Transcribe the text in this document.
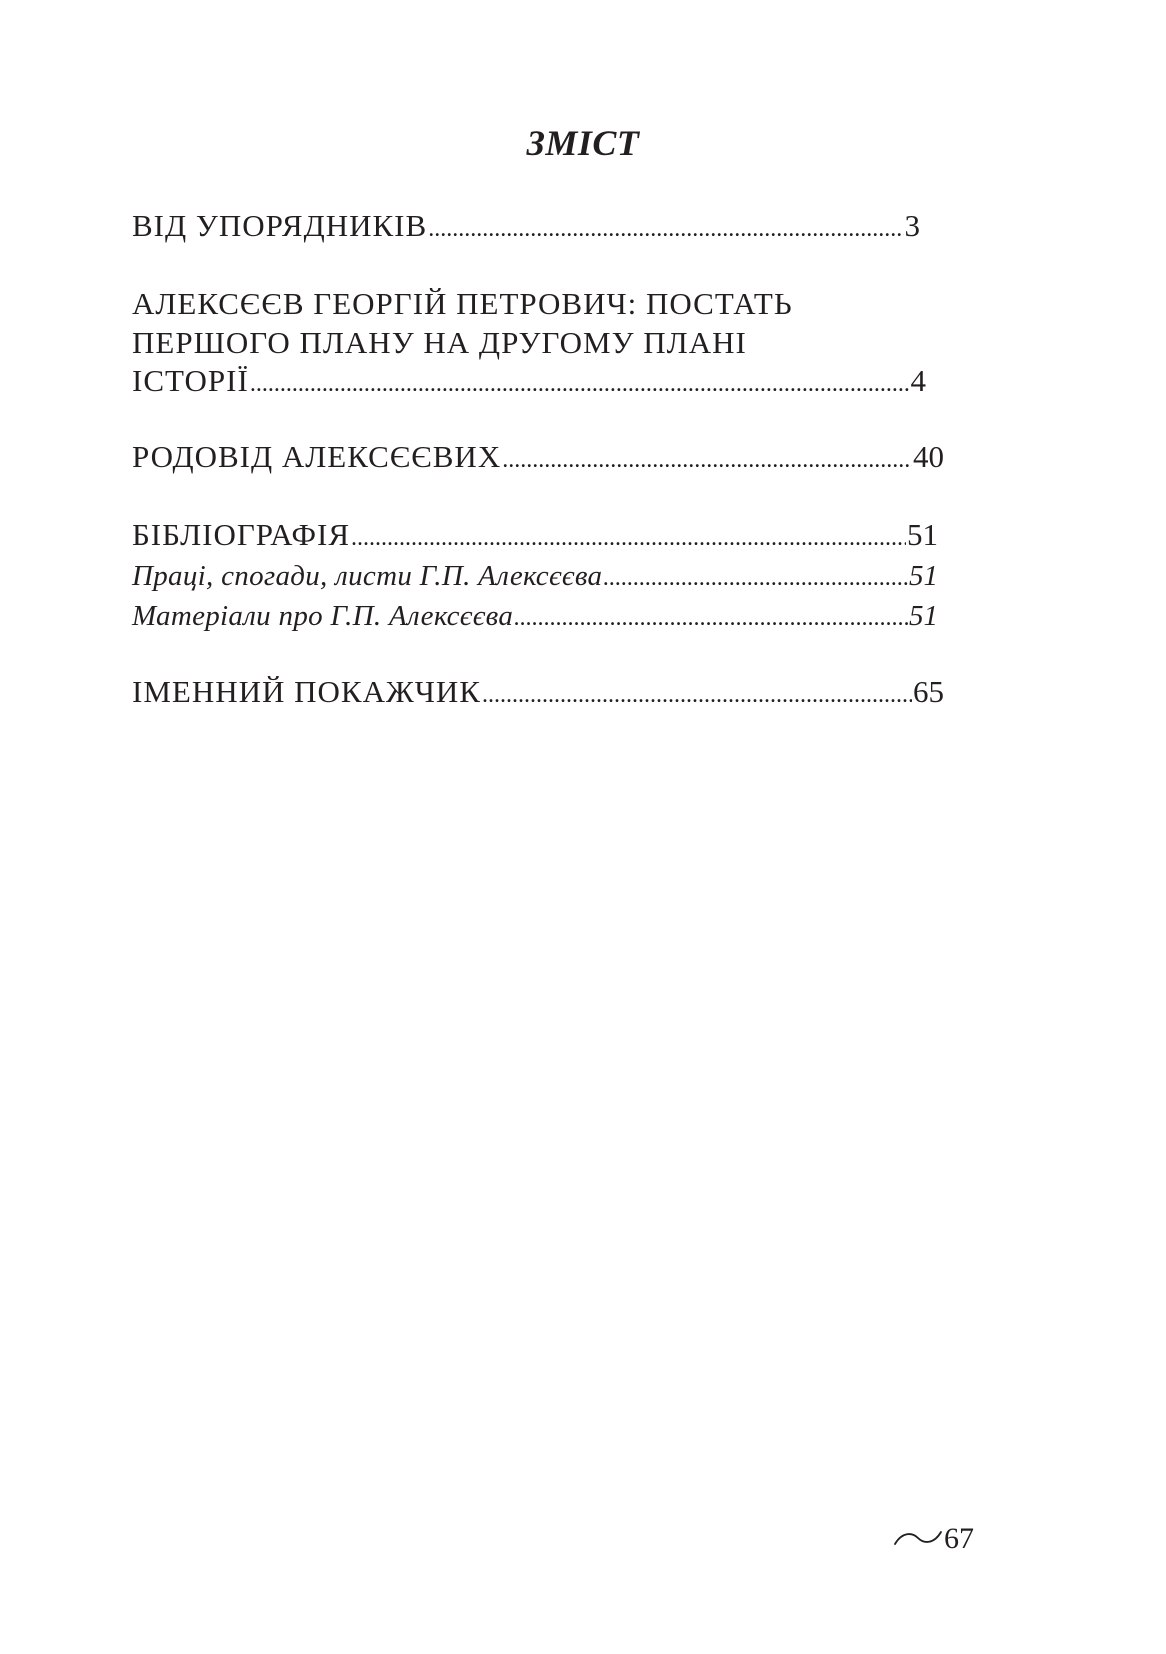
ЗМІСТ
ВІД УПОРЯДНИКІВ .....	3
АЛЕКСЄЄВ ГЕОРГІЙ ПЕТРОВИЧ: ПОСТАТЬ
ПЕРШОГО ПЛАНУ НА ДРУГОМУ ПЛАНІ
ІСТОРІЇ .....	4
РОДОВІД АЛЕКСЄЄВИХ .....	40
БІБЛІОГРАФІЯ .....	51
Праці, спогади, листи Г.П. Алексєєва .....	51
Матеріали про Г.П. Алексєєва .....	51
ІМЕННИЙ ПОКАЖЧИК .....	65
67
